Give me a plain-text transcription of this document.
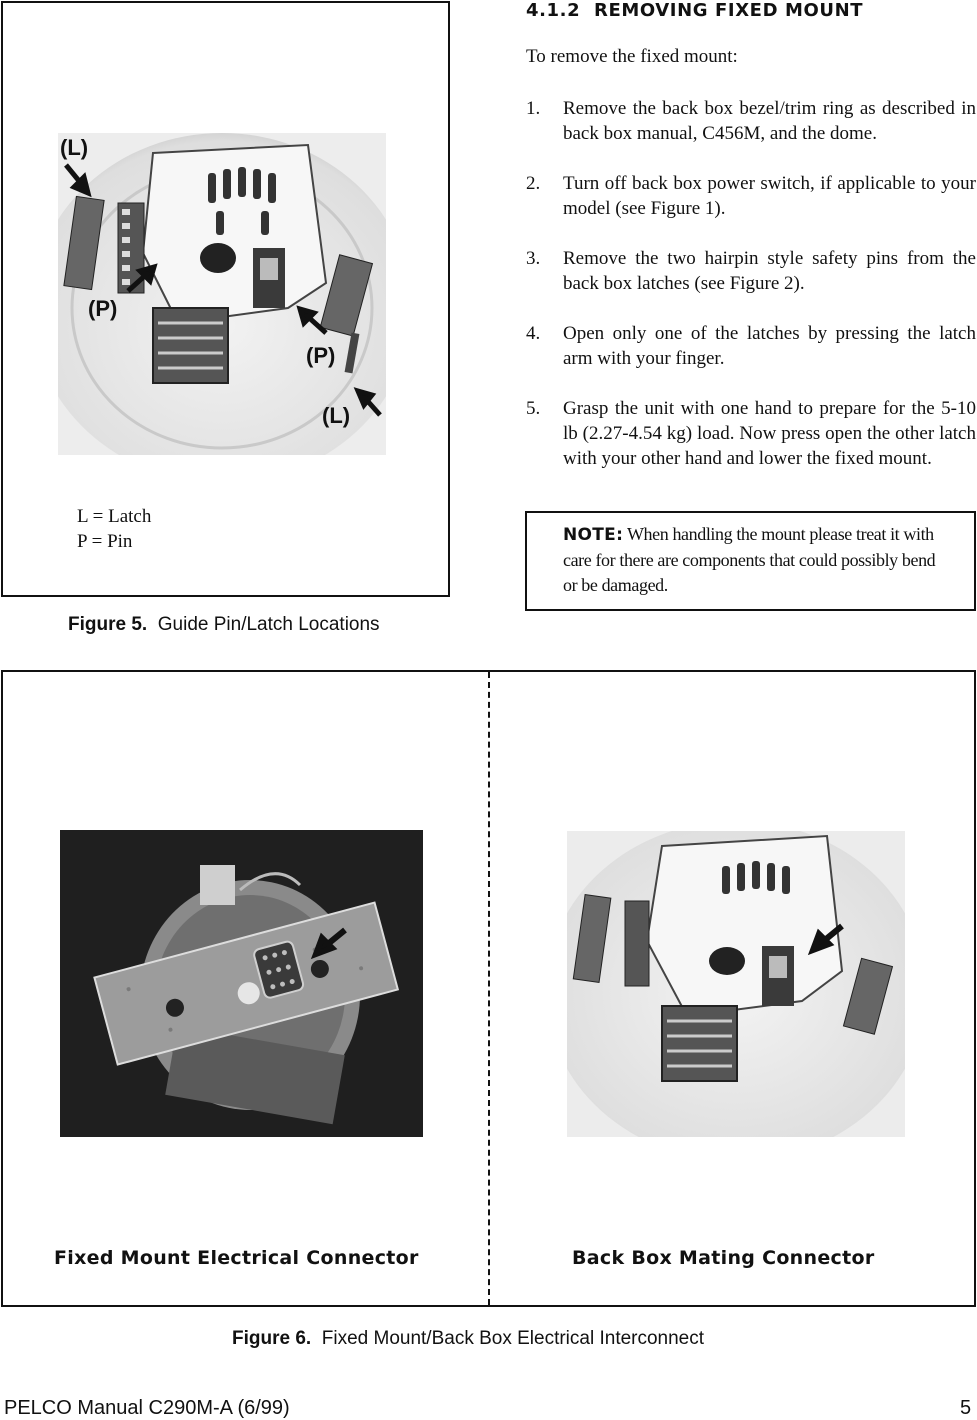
(L)
(P)
(P)
(L)
L = Latch
P = Pin
Figure 5. Guide Pin/Latch Locations
4.1.2  REMOVING FIXED MOUNT
To remove the fixed mount:
1. Remove the back box bezel/trim ring as described in back box manual, C456M, and the dome.
2. Turn off back box power switch, if applicable to your model (see Figure 1).
3. Remove the two hairpin style safety pins from the back box latches (see Figure 2).
4. Open only one of the latches by pressing the latch arm with your finger.
5. Grasp the unit with one hand to prepare for the 5-10 lb (2.27-4.54 kg) load. Now press open the other latch with your other hand and lower the fixed mount.
NOTE: When handling the mount please treat it with care for there are components that could possibly bend or be damaged.
Fixed Mount Electrical Connector	Back Box Mating Connector
Figure 6. Fixed Mount/Back Box Electrical Interconnect
PELCO Manual C290M-A (6/99)	5
